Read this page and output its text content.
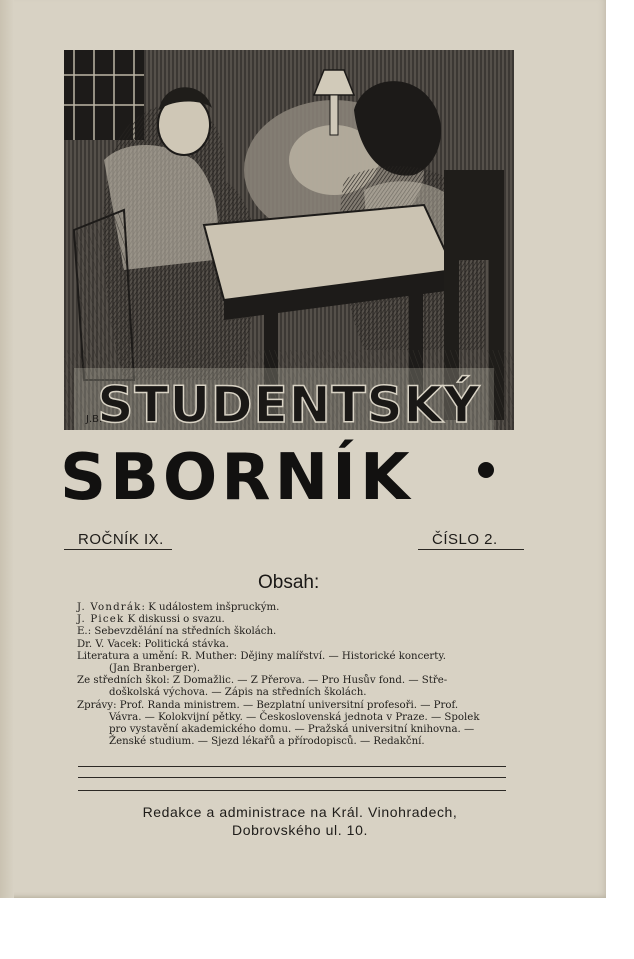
J.B.
STUDENTSKÝ
SBORNÍK
ROČNÍK IX.	ČÍSLO 2.
Obsah:

J. Vondrák: K událostem inšpruckým.

J. Picek K diskussi o svazu.

E.: Sebevzdělání na středních školách.

Dr. V. Vacek: Politická stávka.

Literatura a umění: R. Muther: Dějiny malířství. — Historické koncerty.

(Jan Branberger).

Ze středních škol: Z Domažlic. — Z Přerova. — Pro Husův fond. — Stře-

doškolská výchova. — Zápis na středních školách.

Zprávy: Prof. Randa ministrem. — Bezplatní universitní profesoři. — Prof.

Vávra. — Kolokvijní pětky. — Československá jednota v Praze. — Spolek

pro vystavění akademického domu. — Pražská universitní knihovna. —

Ženské studium. — Sjezd lékařů a přírodopisců. — Redakční.

Redakce a administrace na Král. Vinohradech,
Dobrovského ul. 10.
